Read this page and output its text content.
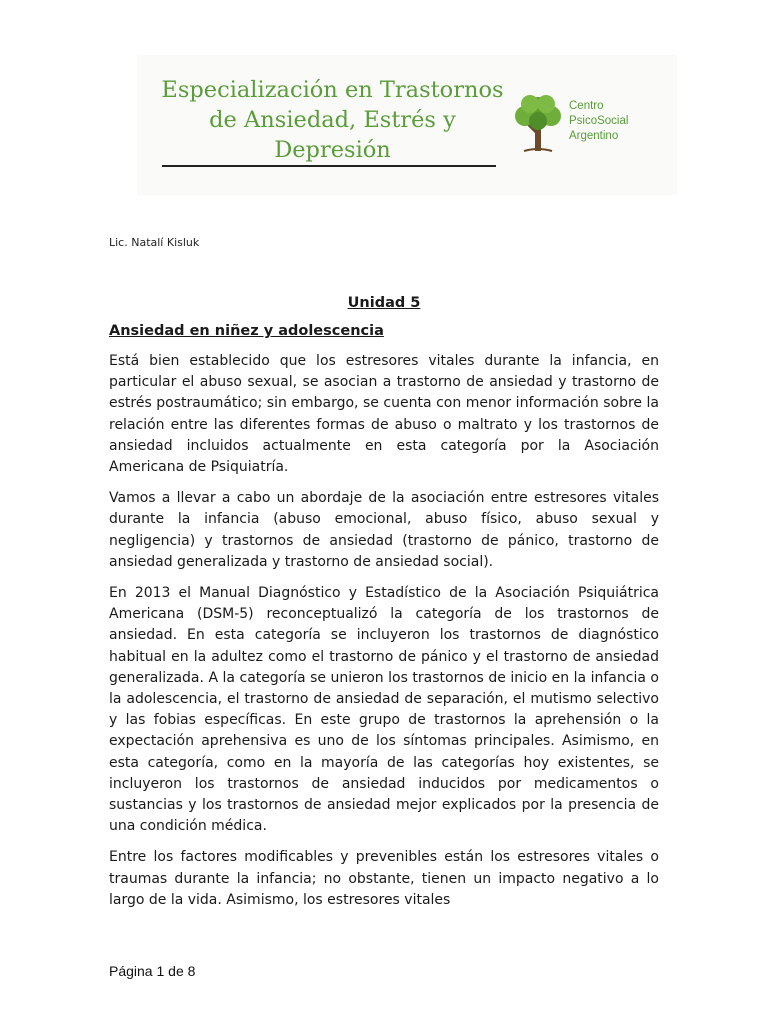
Especialización en Trastornos
de Ansiedad, Estrés y
Depresión
Centro
PsicoSocial
Argentino
Lic. Natalí Kisluk
Unidad 5
Ansiedad en niñez y adolescencia

Está bien establecido que los estresores vitales durante la infancia, en particular el abuso sexual, se asocian a trastorno de ansiedad y trastorno de estrés postraumático; sin embargo, se cuenta con menor información sobre la relación entre las diferentes formas de abuso o maltrato y los trastornos de ansiedad incluidos actualmente en esta categoría por la Asociación Americana de Psiquiatría.

Vamos a llevar a cabo un abordaje de la asociación entre estresores vitales durante la infancia (abuso emocional, abuso físico, abuso sexual y negligencia) y trastornos de ansiedad (trastorno de pánico, trastorno de ansiedad generalizada y trastorno de ansiedad social).

En 2013 el Manual Diagnóstico y Estadístico de la Asociación Psiquiátrica Americana (DSM-5) reconceptualizó la categoría de los trastornos de ansiedad. En esta categoría se incluyeron los trastornos de diagnóstico habitual en la adultez como el trastorno de pánico y el trastorno de ansiedad generalizada. A la categoría se unieron los trastornos de inicio en la infancia o la adolescencia, el trastorno de ansiedad de separación, el mutismo selectivo y las fobias específicas. En este grupo de trastornos la aprehensión o la expectación aprehensiva es uno de los síntomas principales. Asimismo, en esta categoría, como en la mayoría de las categorías hoy existentes, se incluyeron los trastornos de ansiedad inducidos por medicamentos o sustancias y los trastornos de ansiedad mejor explicados por la presencia de una condición médica.

Entre los factores modificables y prevenibles están los estresores vitales o traumas durante la infancia; no obstante, tienen un impacto negativo a lo largo de la vida. Asimismo, los estresores vitales

Página 1 de 8
